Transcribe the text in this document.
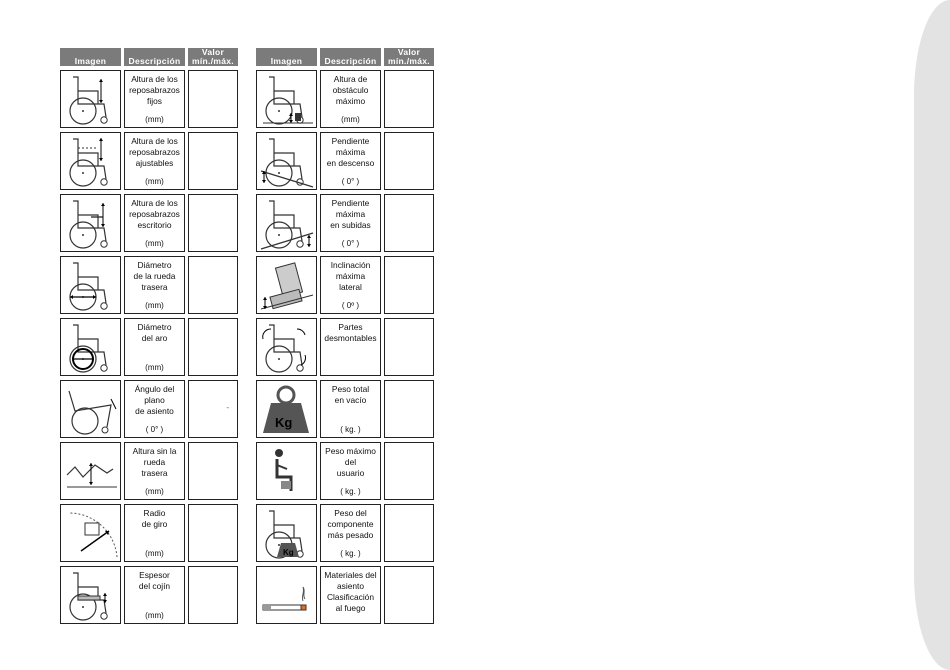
Imagen	Descripción	Valor
mín./máx.

Altura de los
reposabrazos
fijos
(mm)	

Altura de los
reposabrazos
ajustables
(mm)	

Altura de los
reposabrazos
escritorio
(mm)	

Diámetro
de la rueda
trasera
(mm)	

Diámetro
del aro
(mm)	

Ángulo del
plano
de asiento
( 0° )	-

Altura sin la
rueda
trasera
(mm)	

Radio
de giro
(mm)	

Espesor
del cojín
(mm)	

Imagen	Descripción	Valor
mín./máx.

Altura de
obstáculo
máximo
(mm)	

Pendiente
máxima
en descenso
( 0° )	

Pendiente
máxima
en subidas
( 0° )	

Inclinación
máxima
lateral
( 0º )	

Partes
desmontables	

Kg	Peso total
en vacío
( kg. )	

Peso máximo
del
usuario
( kg. )	

Kg	Peso del
componente
más pesado
( kg. )	

Materiales del
asiento
Clasificación
al fuego	
